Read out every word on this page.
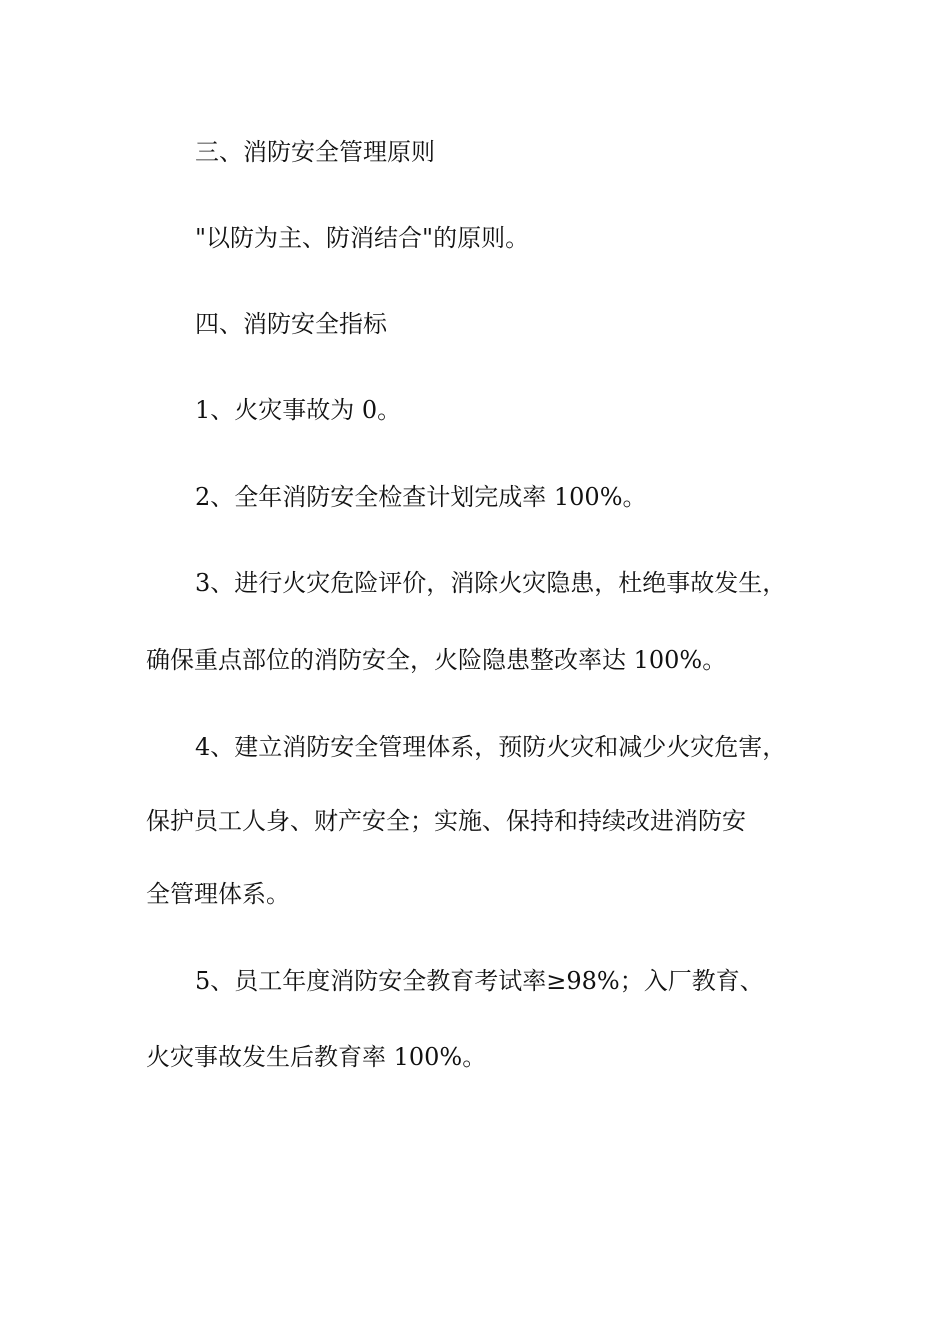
三、消防安全管理原则
"以防为主、防消结合"的原则。
四、消防安全指标
1、火灾事故为 0。
2、全年消防安全检查计划完成率 100%。
3、进行火灾危险评价，消除火灾隐患，杜绝事故发生，
确保重点部位的消防安全，火险隐患整改率达 100%。
4、建立消防安全管理体系，预防火灾和减少火灾危害，
保护员工人身、财产安全；实施、保持和持续改进消防安
全管理体系。
5、员工年度消防安全教育考试率≥98%；入厂教育、
火灾事故发生后教育率 100%。
